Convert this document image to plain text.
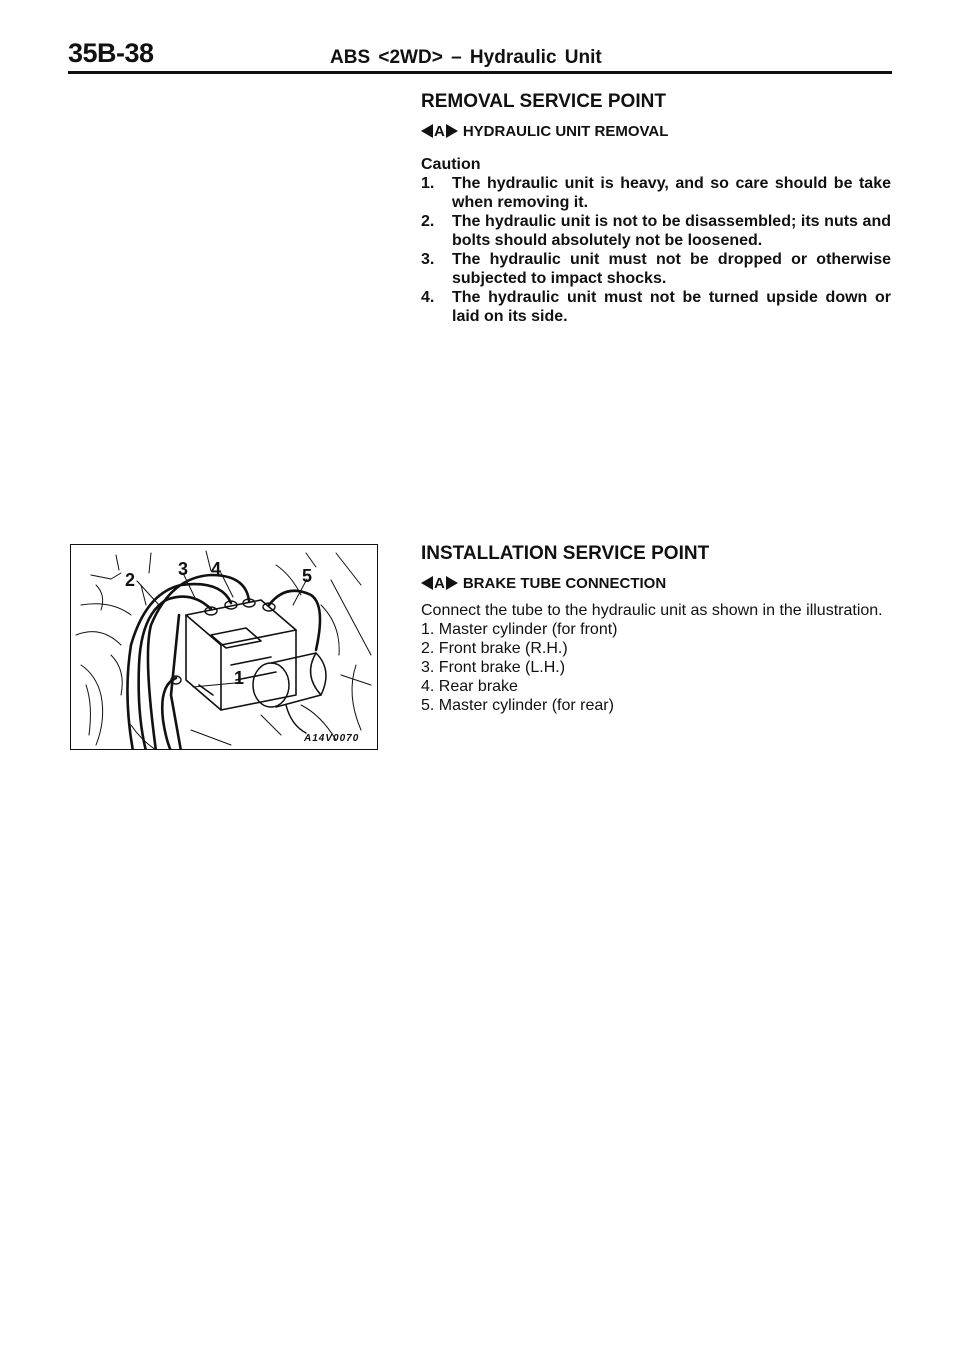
35B-38	ABS <2WD> – Hydraulic Unit
REMOVAL SERVICE POINT
A HYDRAULIC UNIT REMOVAL
Caution
1. The hydraulic unit is heavy, and so care should be take when removing it.
2. The hydraulic unit is not to be disassembled; its nuts and bolts should absolutely not be loosened.
3. The hydraulic unit must not be dropped or otherwise subjected to impact shocks.
4. The hydraulic unit must not be turned upside down or laid on its side.
INSTALLATION SERVICE POINT
A BRAKE TUBE CONNECTION
Connect the tube to the hydraulic unit as shown in the illustration.
1. Master cylinder (for front)
2. Front brake (R.H.)
3. Front brake (L.H.)
4. Rear brake
5. Master cylinder (for rear)
2
3 4	5
1
A14V0070
